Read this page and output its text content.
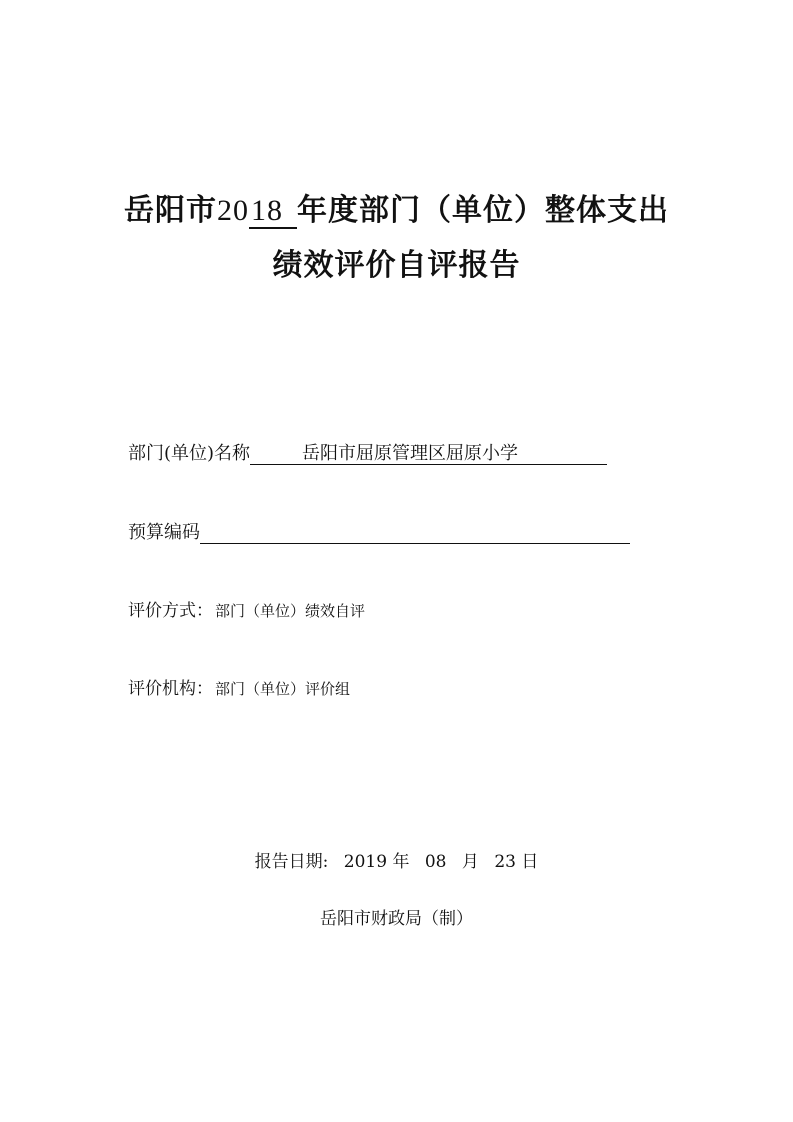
岳阳市2018 年度部门（单位）整体支出
绩效评价自评报告
部门(单位)名称	岳阳市屈原管理区屈原小学
预算编码
评价方式： 部门（单位）绩效自评
评价机构： 部门（单位）评价组
报告日期: 2019 年 08 月 23 日
岳阳市财政局（制）
